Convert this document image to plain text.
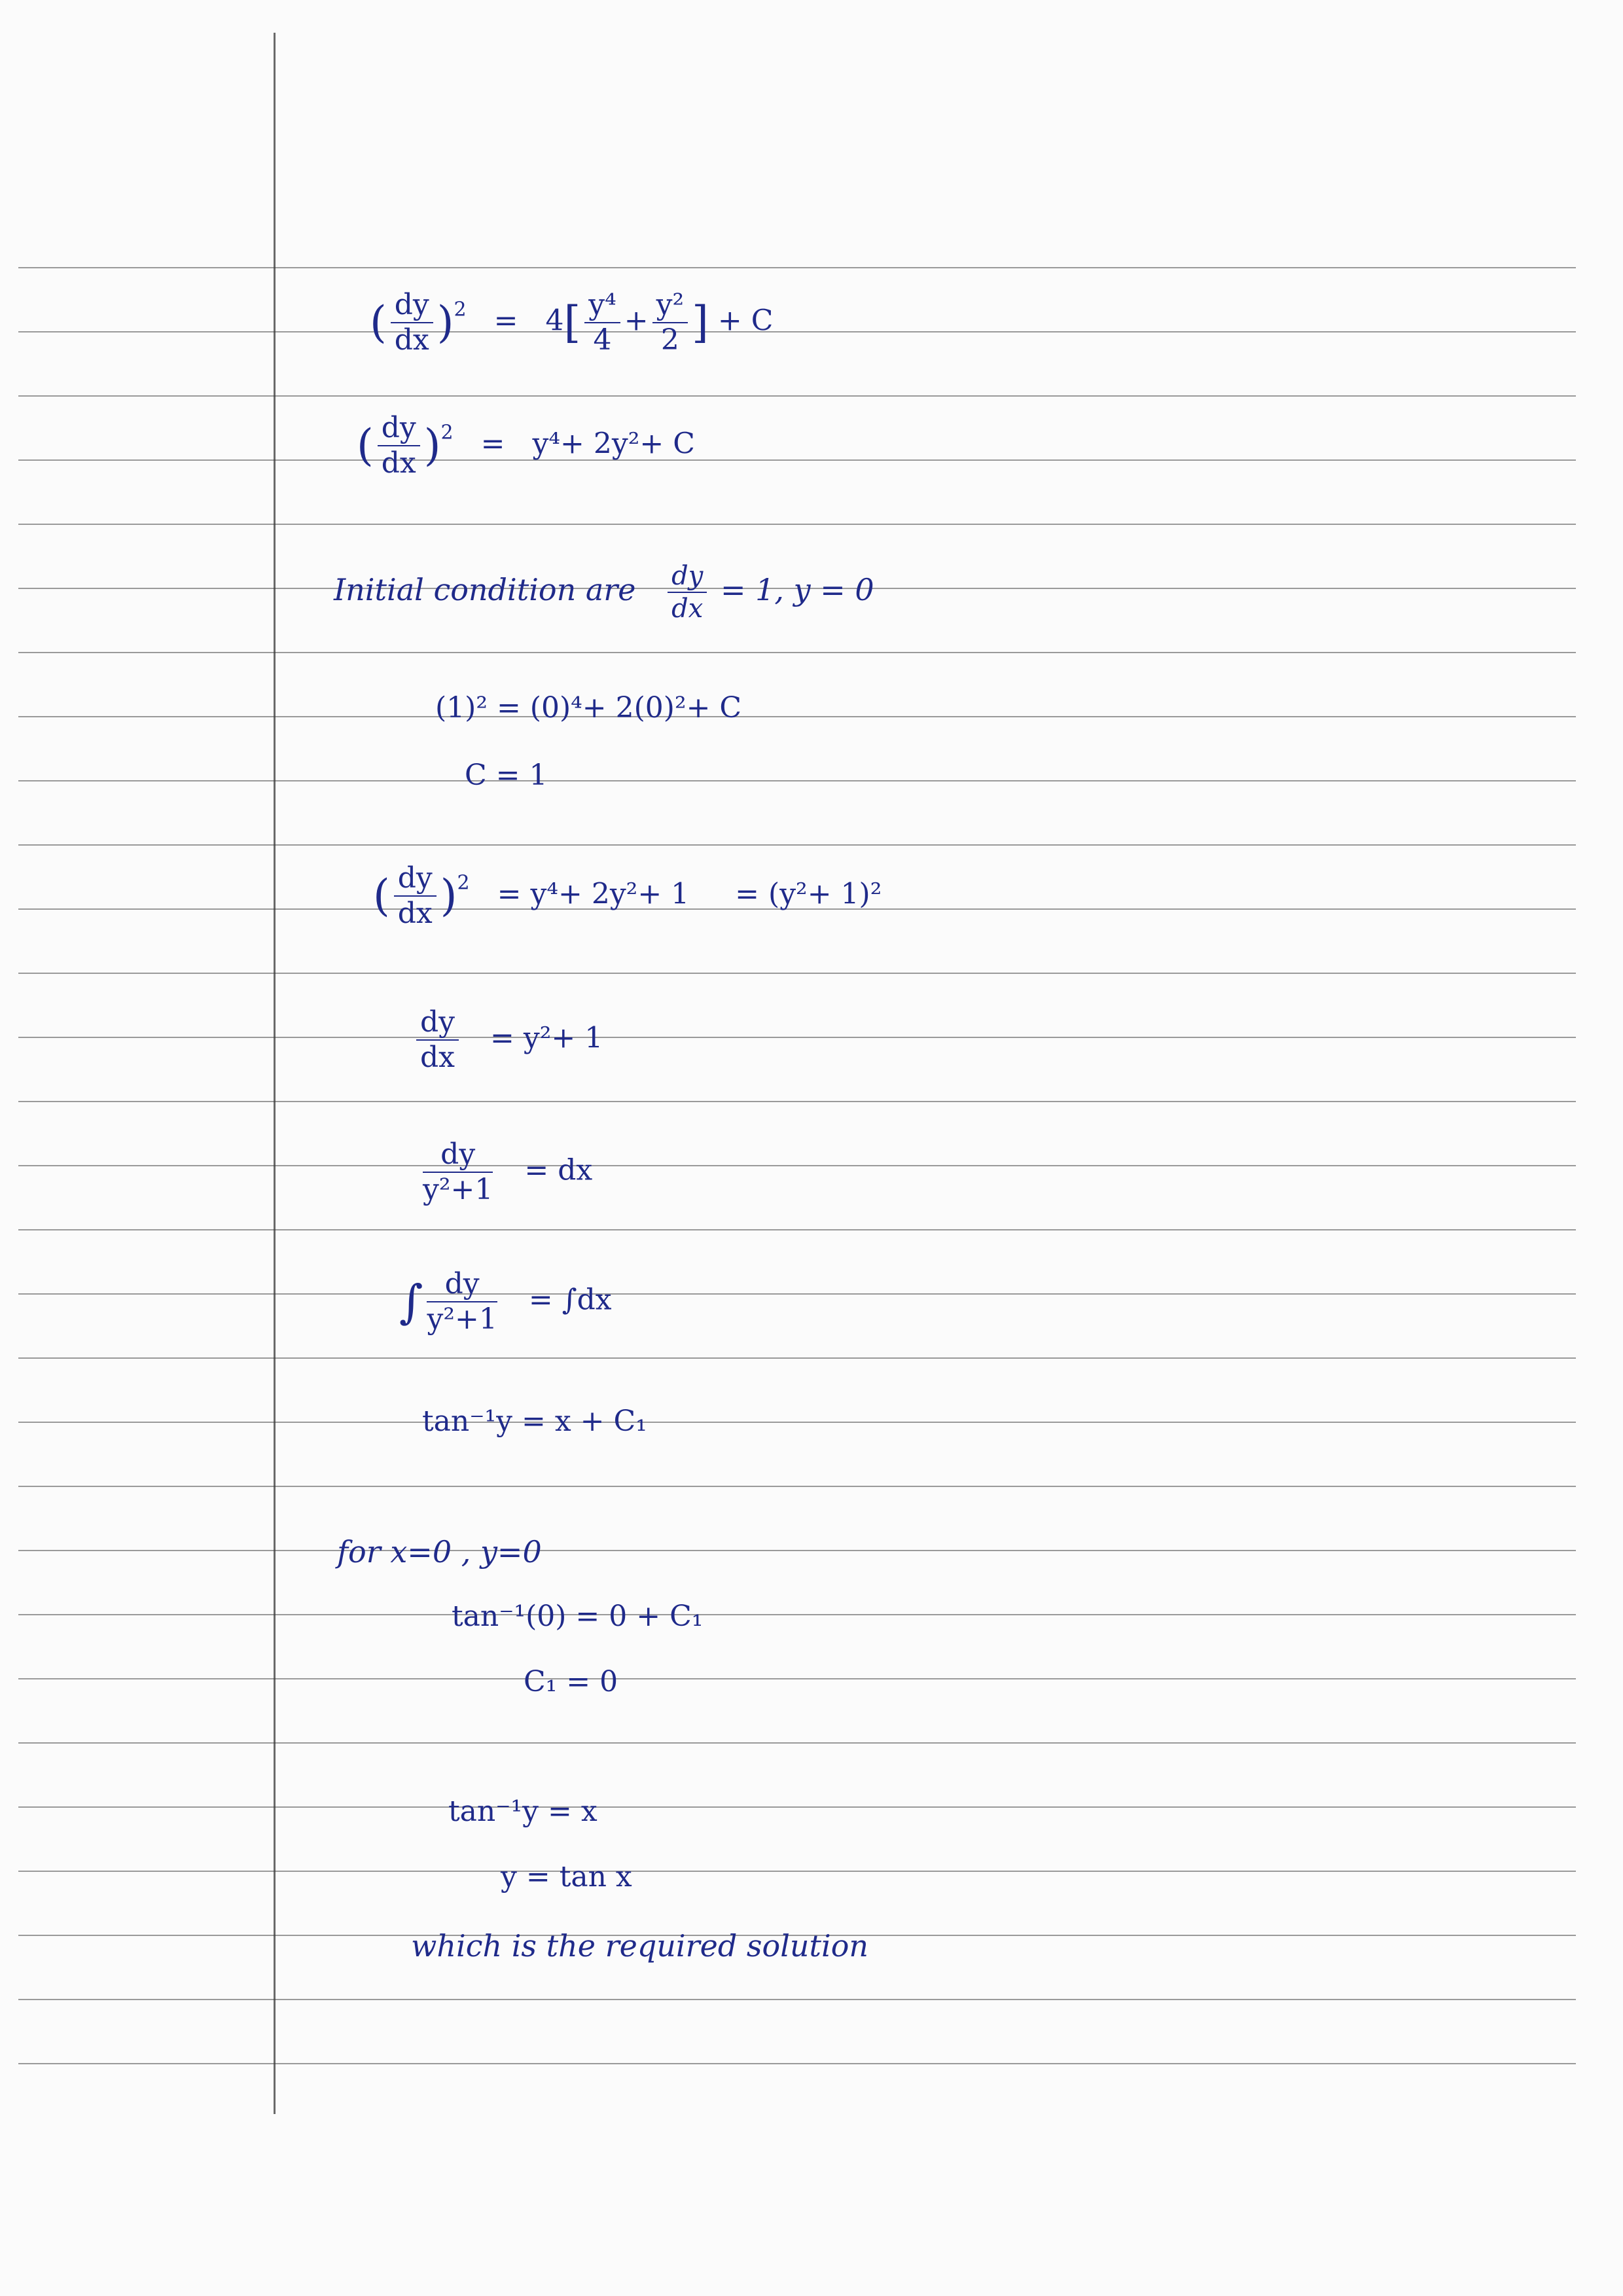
( $\frac{dy}{dx} )^2 = 4[ \frac{\text{y⁴}}{4} + \frac{\text{y²}}{2}$ ] + C
( $\frac{dy}{dx} )^2 = y^4+ 2y^2+ C$
Initial condition are $\frac{dy}{dx} = 1$, y = 0
(1)² = (0)⁴+ 2(0)²+ C
C = 1
( $\frac{dy}{dx} )^2 = y^4+ 2y^2+ 1 = (y^2+ 1)^2$
$\frac{dy}{dx} = y^2+ 1$
$\frac{dy}{\text{y²+1}}$ = dx
∫ $\frac{dy}{\text{y²+1}} = \int dx$
tan⁻¹y = x + C₁
for x=0 , y=0
tan⁻¹(0) = 0 + C₁
C₁ = 0
tan⁻¹y = x
y = tan x
which is the required solution
